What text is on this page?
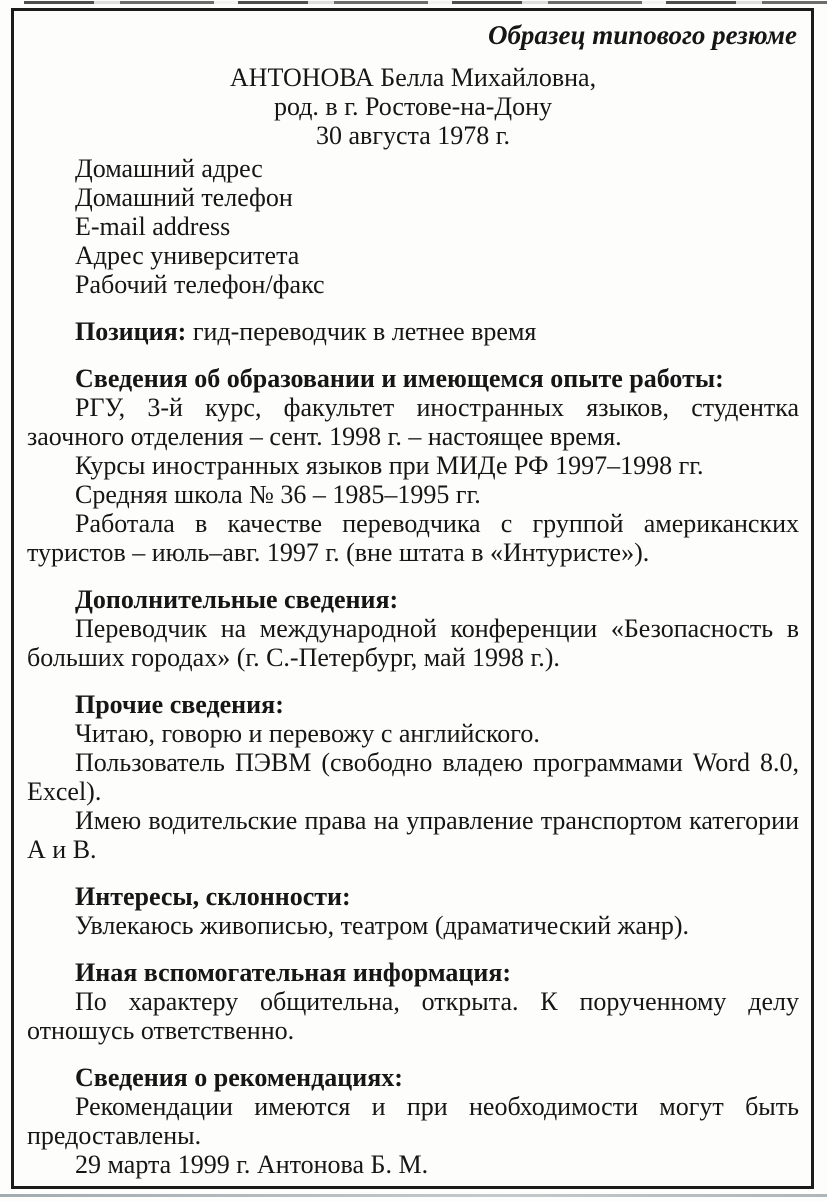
Образец типового резюме
АНТОНОВА Белла Михайловна,
род. в г. Ростове-на-Дону
30 августа 1978 г.

Домашний адрес

Домашний телефон

E-mail address

Адрес университета

Рабочий телефон/факс

Позиция: гид-переводчик в летнее время

Сведения об образовании и имеющемся опыте работы:

РГУ, 3-й курс, факультет иностранных языков, студентка заочного отделения – сент. 1998 г. – настоящее время.

Курсы иностранных языков при МИДе РФ 1997–1998 гг.

Средняя школа № 36 – 1985–1995 гг.

Работала в качестве переводчика с группой американских туристов – июль–авг. 1997 г. (вне штата в «Интуристе»).

Дополнительные сведения:

Переводчик на международной конференции «Безопасность в больших городах» (г. С.-Петербург, май 1998 г.).

Прочие сведения:

Читаю, говорю и перевожу с английского.

Пользователь ПЭВМ (свободно владею программами Word 8.0, Excel).

Имею водительские права на управление транспортом категории А и В.

Интересы, склонности:

Увлекаюсь живописью, театром (драматический жанр).

Иная вспомогательная информация:

По характеру общительна, открыта. К порученному делу отношусь ответственно.

Сведения о рекомендациях:

Рекомендации имеются и при необходимости могут быть предоставлены.

29 марта 1999 г. Антонова Б. М.
